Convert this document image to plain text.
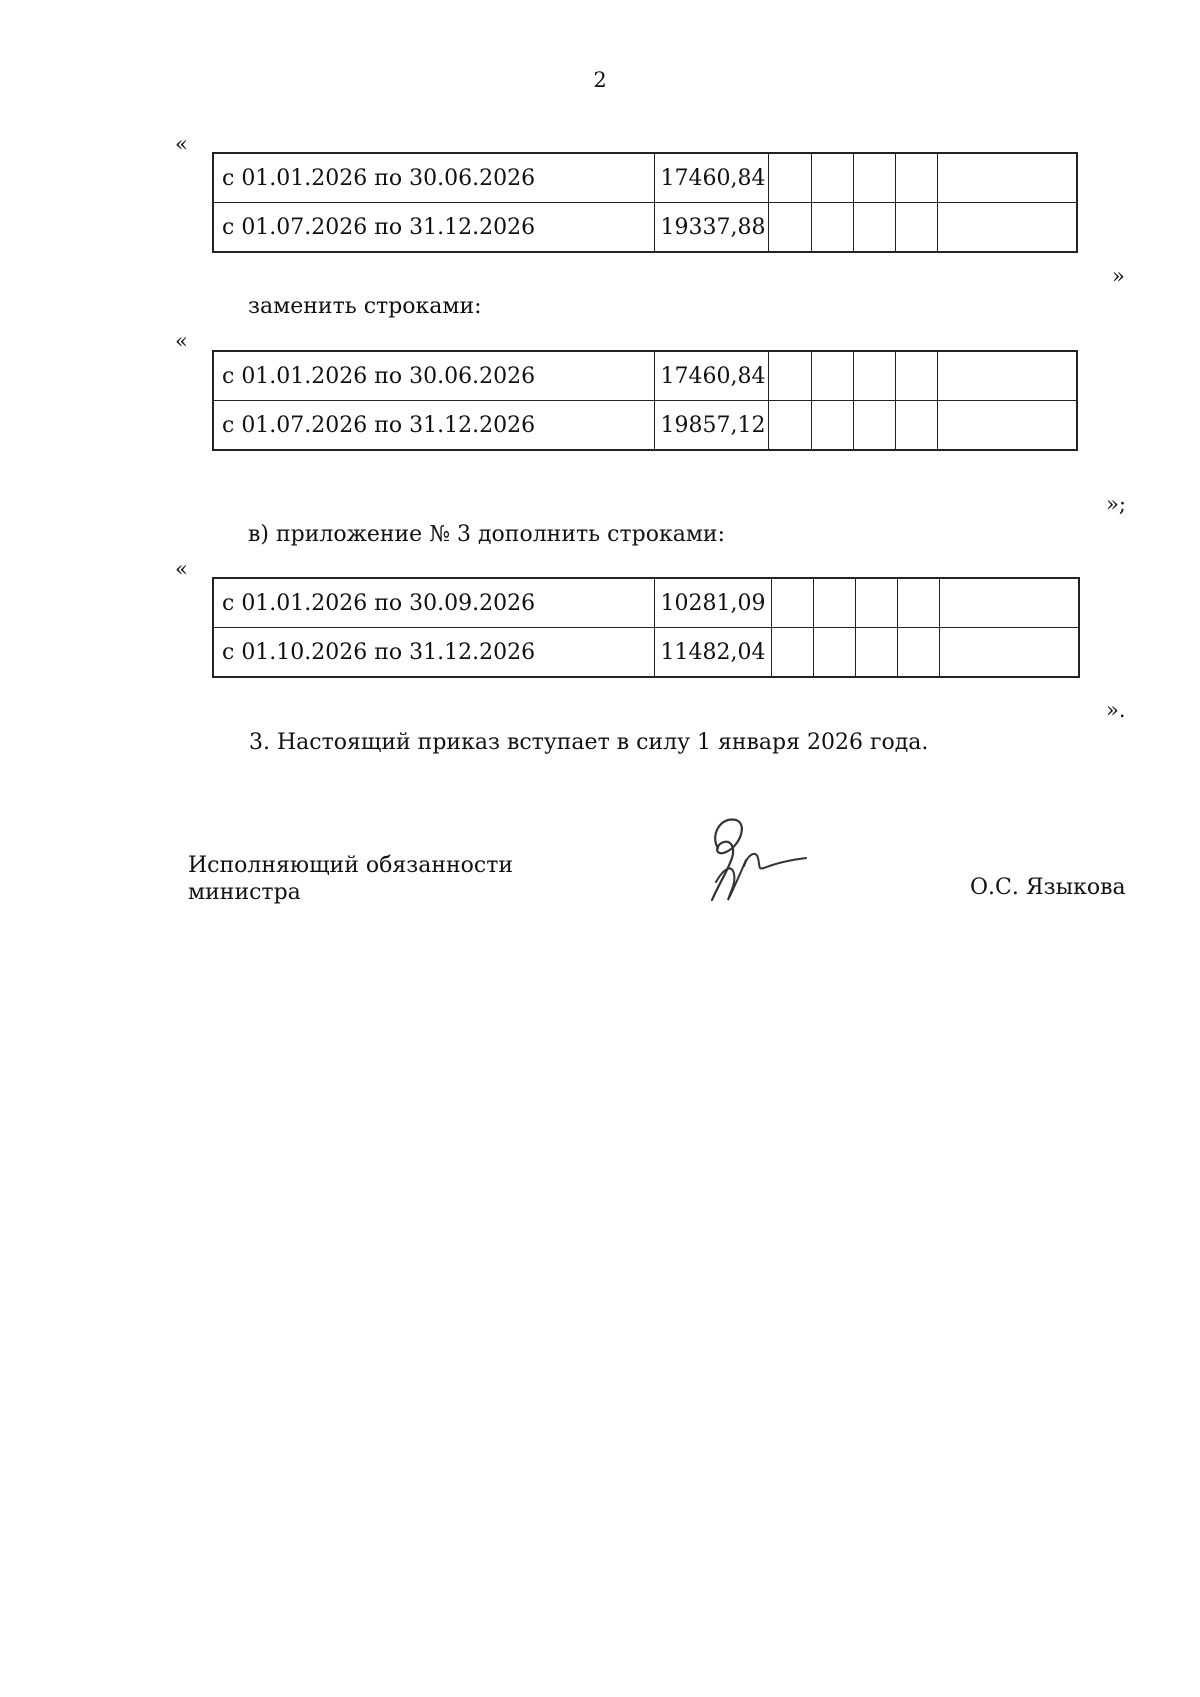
2
«
с 01.01.2026 по 30.06.2026	17460,84					
с 01.07.2026 по 31.12.2026	19337,88					
»
заменить строками:
«
с 01.01.2026 по 30.06.2026	17460,84					
с 01.07.2026 по 31.12.2026	19857,12					
»;
в) приложение № 3 дополнить строками:
«
с 01.01.2026 по 30.09.2026	10281,09					
с 01.10.2026 по 31.12.2026	11482,04					
».
3. Настоящий приказ вступает в силу 1 января 2026 года.
Исполняющий обязанности
министра	О.С. Языкова
